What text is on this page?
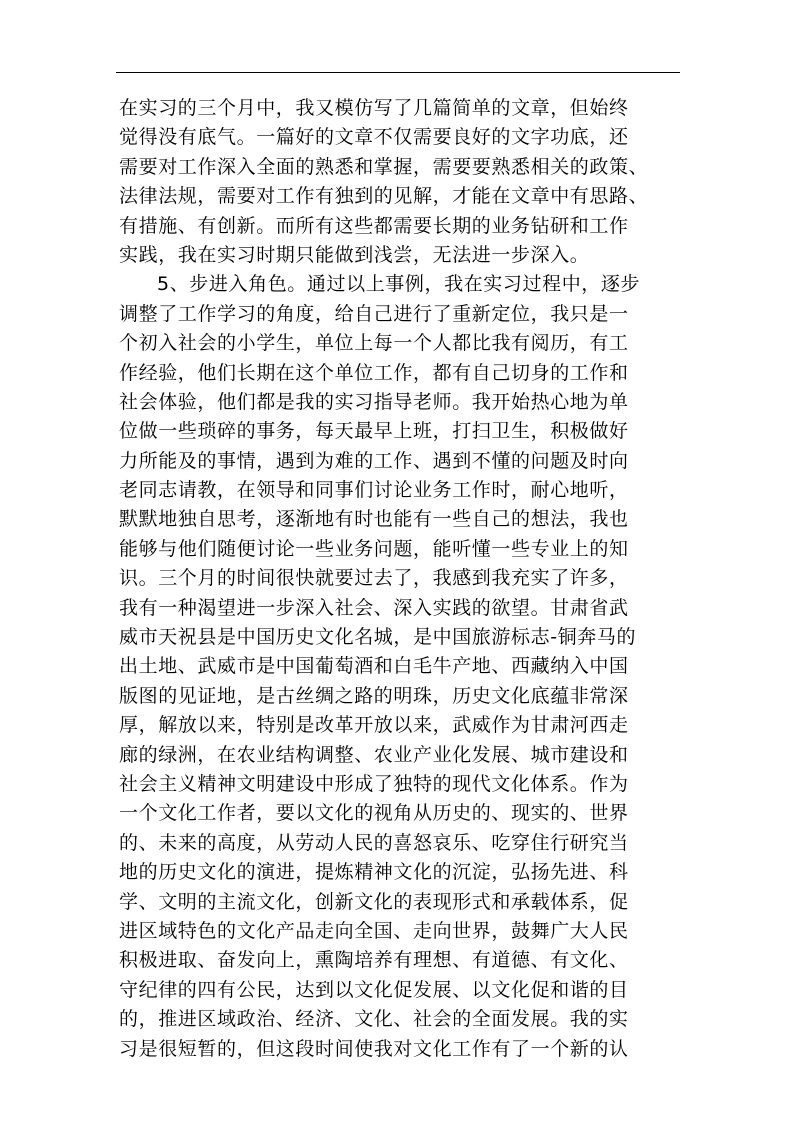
在实习的三个月中，我又模仿写了几篇简单的文章，但始终
觉得没有底气。一篇好的文章不仅需要良好的文字功底，还
需要对工作深入全面的熟悉和掌握，需要要熟悉相关的政策、
法律法规，需要对工作有独到的见解，才能在文章中有思路、
有措施、有创新。而所有这些都需要长期的业务钻研和工作
实践，我在实习时期只能做到浅尝，无法进一步深入。
5、步进入角色。通过以上事例，我在实习过程中，逐步
调整了工作学习的角度，给自己进行了重新定位，我只是一
个初入社会的小学生，单位上每一个人都比我有阅历，有工
作经验，他们长期在这个单位工作，都有自己切身的工作和
社会体验，他们都是我的实习指导老师。我开始热心地为单
位做一些琐碎的事务，每天最早上班，打扫卫生，积极做好
力所能及的事情，遇到为难的工作、遇到不懂的问题及时向
老同志请教，在领导和同事们讨论业务工作时，耐心地听，
默默地独自思考，逐渐地有时也能有一些自己的想法，我也
能够与他们随便讨论一些业务问题，能听懂一些专业上的知
识。三个月的时间很快就要过去了，我感到我充实了许多，
我有一种渴望进一步深入社会、深入实践的欲望。甘肃省武
威市天祝县是中国历史文化名城，是中国旅游标志-铜奔马的
出土地、武威市是中国葡萄酒和白毛牛产地、西藏纳入中国
版图的见证地，是古丝绸之路的明珠，历史文化底蕴非常深
厚，解放以来，特别是改革开放以来，武威作为甘肃河西走
廊的绿洲，在农业结构调整、农业产业化发展、城市建设和
社会主义精神文明建设中形成了独特的现代文化体系。作为
一个文化工作者，要以文化的视角从历史的、现实的、世界
的、未来的高度，从劳动人民的喜怒哀乐、吃穿住行研究当
地的历史文化的演进，提炼精神文化的沉淀，弘扬先进、科
学、文明的主流文化，创新文化的表现形式和承载体系，促
进区域特色的文化产品走向全国、走向世界，鼓舞广大人民
积极进取、奋发向上，熏陶培养有理想、有道德、有文化、
守纪律的四有公民，达到以文化促发展、以文化促和谐的目
的，推进区域政治、经济、文化、社会的全面发展。我的实
习是很短暂的，但这段时间使我对文化工作有了一个新的认
